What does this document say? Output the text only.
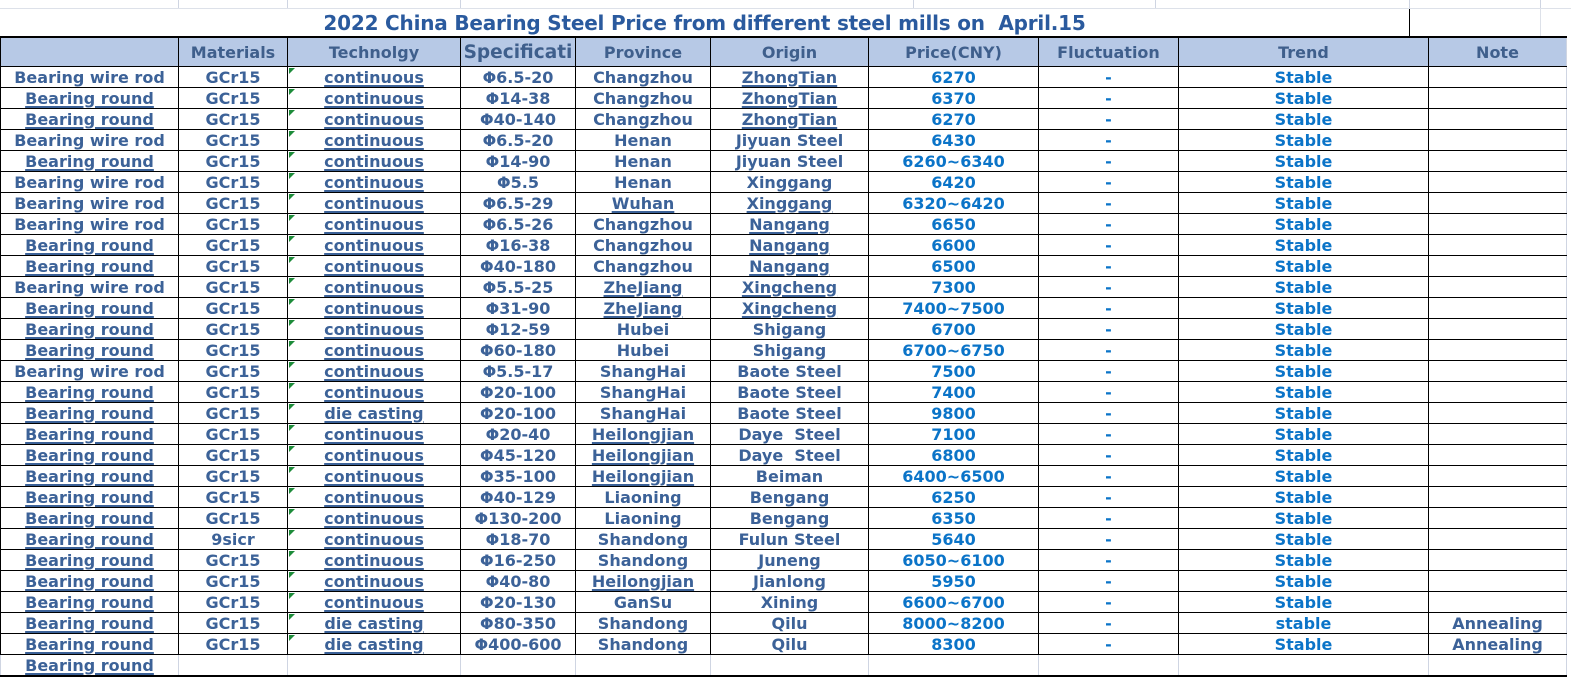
2022 China Bearing Steel Price from different steel mills on  April.15
	Materials	Technolgy	Specificati	Province	Origin	Price(CNY)	Fluctuation	Trend	Note
Bearing wire rod	GCr15	continuous	Φ6.5-20	Changzhou	ZhongTian	6270	-	Stable	
Bearing round	GCr15	continuous	Φ14-38	Changzhou	ZhongTian	6370	-	Stable	
Bearing round	GCr15	continuous	Φ40-140	Changzhou	ZhongTian	6270	-	Stable	
Bearing wire rod	GCr15	continuous	Φ6.5-20	Henan	Jiyuan Steel	6430	-	Stable	
Bearing round	GCr15	continuous	Φ14-90	Henan	Jiyuan Steel	6260~6340	-	Stable	
Bearing wire rod	GCr15	continuous	Φ5.5	Henan	Xinggang	6420	-	Stable	
Bearing wire rod	GCr15	continuous	Φ6.5-29	Wuhan	Xinggang	6320~6420	-	Stable	
Bearing wire rod	GCr15	continuous	Φ6.5-26	Changzhou	Nangang	6650	-	Stable	
Bearing round	GCr15	continuous	Φ16-38	Changzhou	Nangang	6600	-	Stable	
Bearing round	GCr15	continuous	Φ40-180	Changzhou	Nangang	6500	-	Stable	
Bearing wire rod	GCr15	continuous	Φ5.5-25	ZheJiang	Xingcheng	7300	-	Stable	
Bearing round	GCr15	continuous	Φ31-90	ZheJiang	Xingcheng	7400~7500	-	Stable	
Bearing round	GCr15	continuous	Φ12-59	Hubei	Shigang	6700	-	Stable	
Bearing round	GCr15	continuous	Φ60-180	Hubei	Shigang	6700~6750	-	Stable	
Bearing wire rod	GCr15	continuous	Φ5.5-17	ShangHai	Baote Steel	7500	-	Stable	
Bearing round	GCr15	continuous	Φ20-100	ShangHai	Baote Steel	7400	-	Stable	
Bearing round	GCr15	die casting	Φ20-100	ShangHai	Baote Steel	9800	-	Stable	
Bearing round	GCr15	continuous	Φ20-40	Heilongjian	Daye  Steel	7100	-	Stable	
Bearing round	GCr15	continuous	Φ45-120	Heilongjian	Daye  Steel	6800	-	Stable	
Bearing round	GCr15	continuous	Φ35-100	Heilongjian	Beiman	6400~6500	-	Stable	
Bearing round	GCr15	continuous	Φ40-129	Liaoning	Bengang	6250	-	Stable	
Bearing round	GCr15	continuous	Φ130-200	Liaoning	Bengang	6350	-	Stable	
Bearing round	9sicr	continuous	Φ18-70	Shandong	Fulun Steel	5640	-	Stable	
Bearing round	GCr15	continuous	Φ16-250	Shandong	Juneng	6050~6100	-	Stable	
Bearing round	GCr15	continuous	Φ40-80	Heilongjian	Jianlong	5950	-	Stable	
Bearing round	GCr15	continuous	Φ20-130	GanSu	Xining	6600~6700	-	Stable	
Bearing round	GCr15	die casting	Φ80-350	Shandong	Qilu	8000~8200	-	stable	Annealing
Bearing round	GCr15	die casting	Φ400-600	Shandong	Qilu	8300	-	Stable	Annealing
Bearing round									
